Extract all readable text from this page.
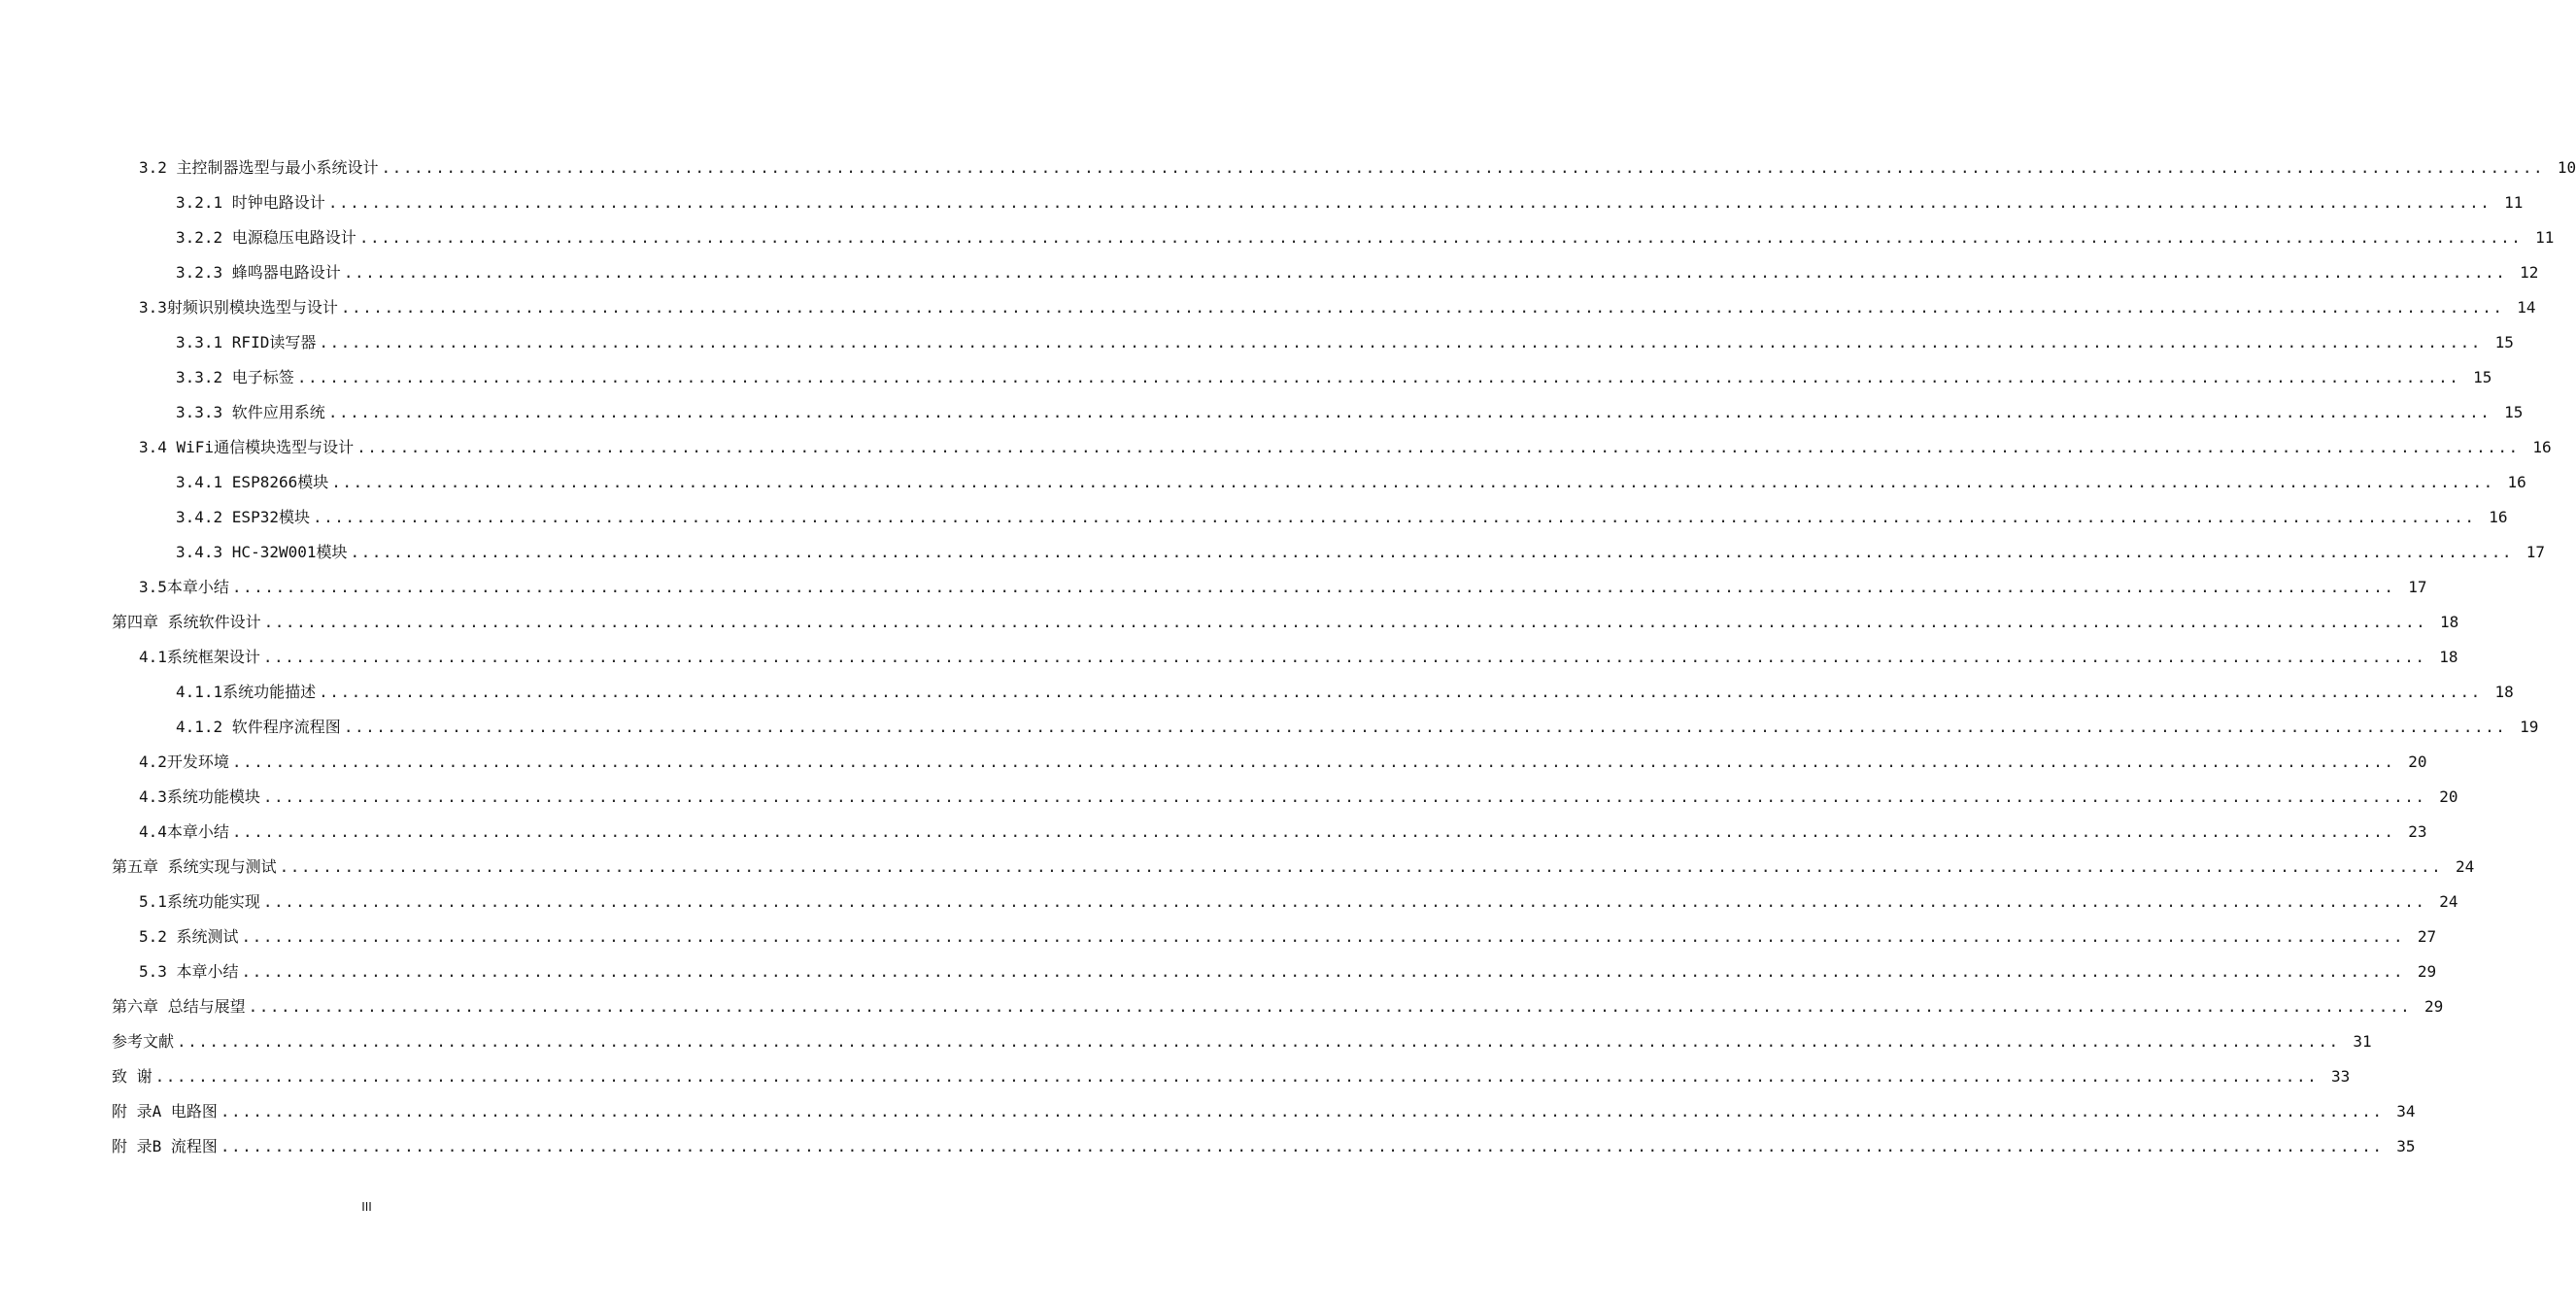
3.2 主控制器选型与最小系统设计 ........................................................................................................................................................................................................ 10
3.2.1 时钟电路设计 ........................................................................................................................................................................................................ 11
3.2.2 电源稳压电路设计 ........................................................................................................................................................................................................ 11
3.2.3 蜂鸣器电路设计 ........................................................................................................................................................................................................ 12
3.3射频识别模块选型与设计 ........................................................................................................................................................................................................ 14
3.3.1 RFID读写器 ........................................................................................................................................................................................................ 15
3.3.2 电子标签 ........................................................................................................................................................................................................ 15
3.3.3 软件应用系统 ........................................................................................................................................................................................................ 15
3.4 WiFi通信模块选型与设计 ........................................................................................................................................................................................................ 16
3.4.1 ESP8266模块 ........................................................................................................................................................................................................ 16
3.4.2 ESP32模块 ........................................................................................................................................................................................................ 16
3.4.3 HC-32W001模块 ........................................................................................................................................................................................................ 17
3.5本章小结 ........................................................................................................................................................................................................ 17
第四章 系统软件设计 ........................................................................................................................................................................................................ 18
4.1系统框架设计 ........................................................................................................................................................................................................ 18
4.1.1系统功能描述 ........................................................................................................................................................................................................ 18
4.1.2 软件程序流程图 ........................................................................................................................................................................................................ 19
4.2开发环境 ........................................................................................................................................................................................................ 20
4.3系统功能模块 ........................................................................................................................................................................................................ 20
4.4本章小结 ........................................................................................................................................................................................................ 23
第五章 系统实现与测试 ........................................................................................................................................................................................................ 24
5.1系统功能实现 ........................................................................................................................................................................................................ 24
5.2 系统测试 ........................................................................................................................................................................................................ 27
5.3 本章小结 ........................................................................................................................................................................................................ 29
第六章 总结与展望 ........................................................................................................................................................................................................ 29
参考文献 ........................................................................................................................................................................................................ 31
致 谢 ........................................................................................................................................................................................................ 33
附 录A 电路图 ........................................................................................................................................................................................................ 34
附 录B 流程图 ........................................................................................................................................................................................................ 35
III
